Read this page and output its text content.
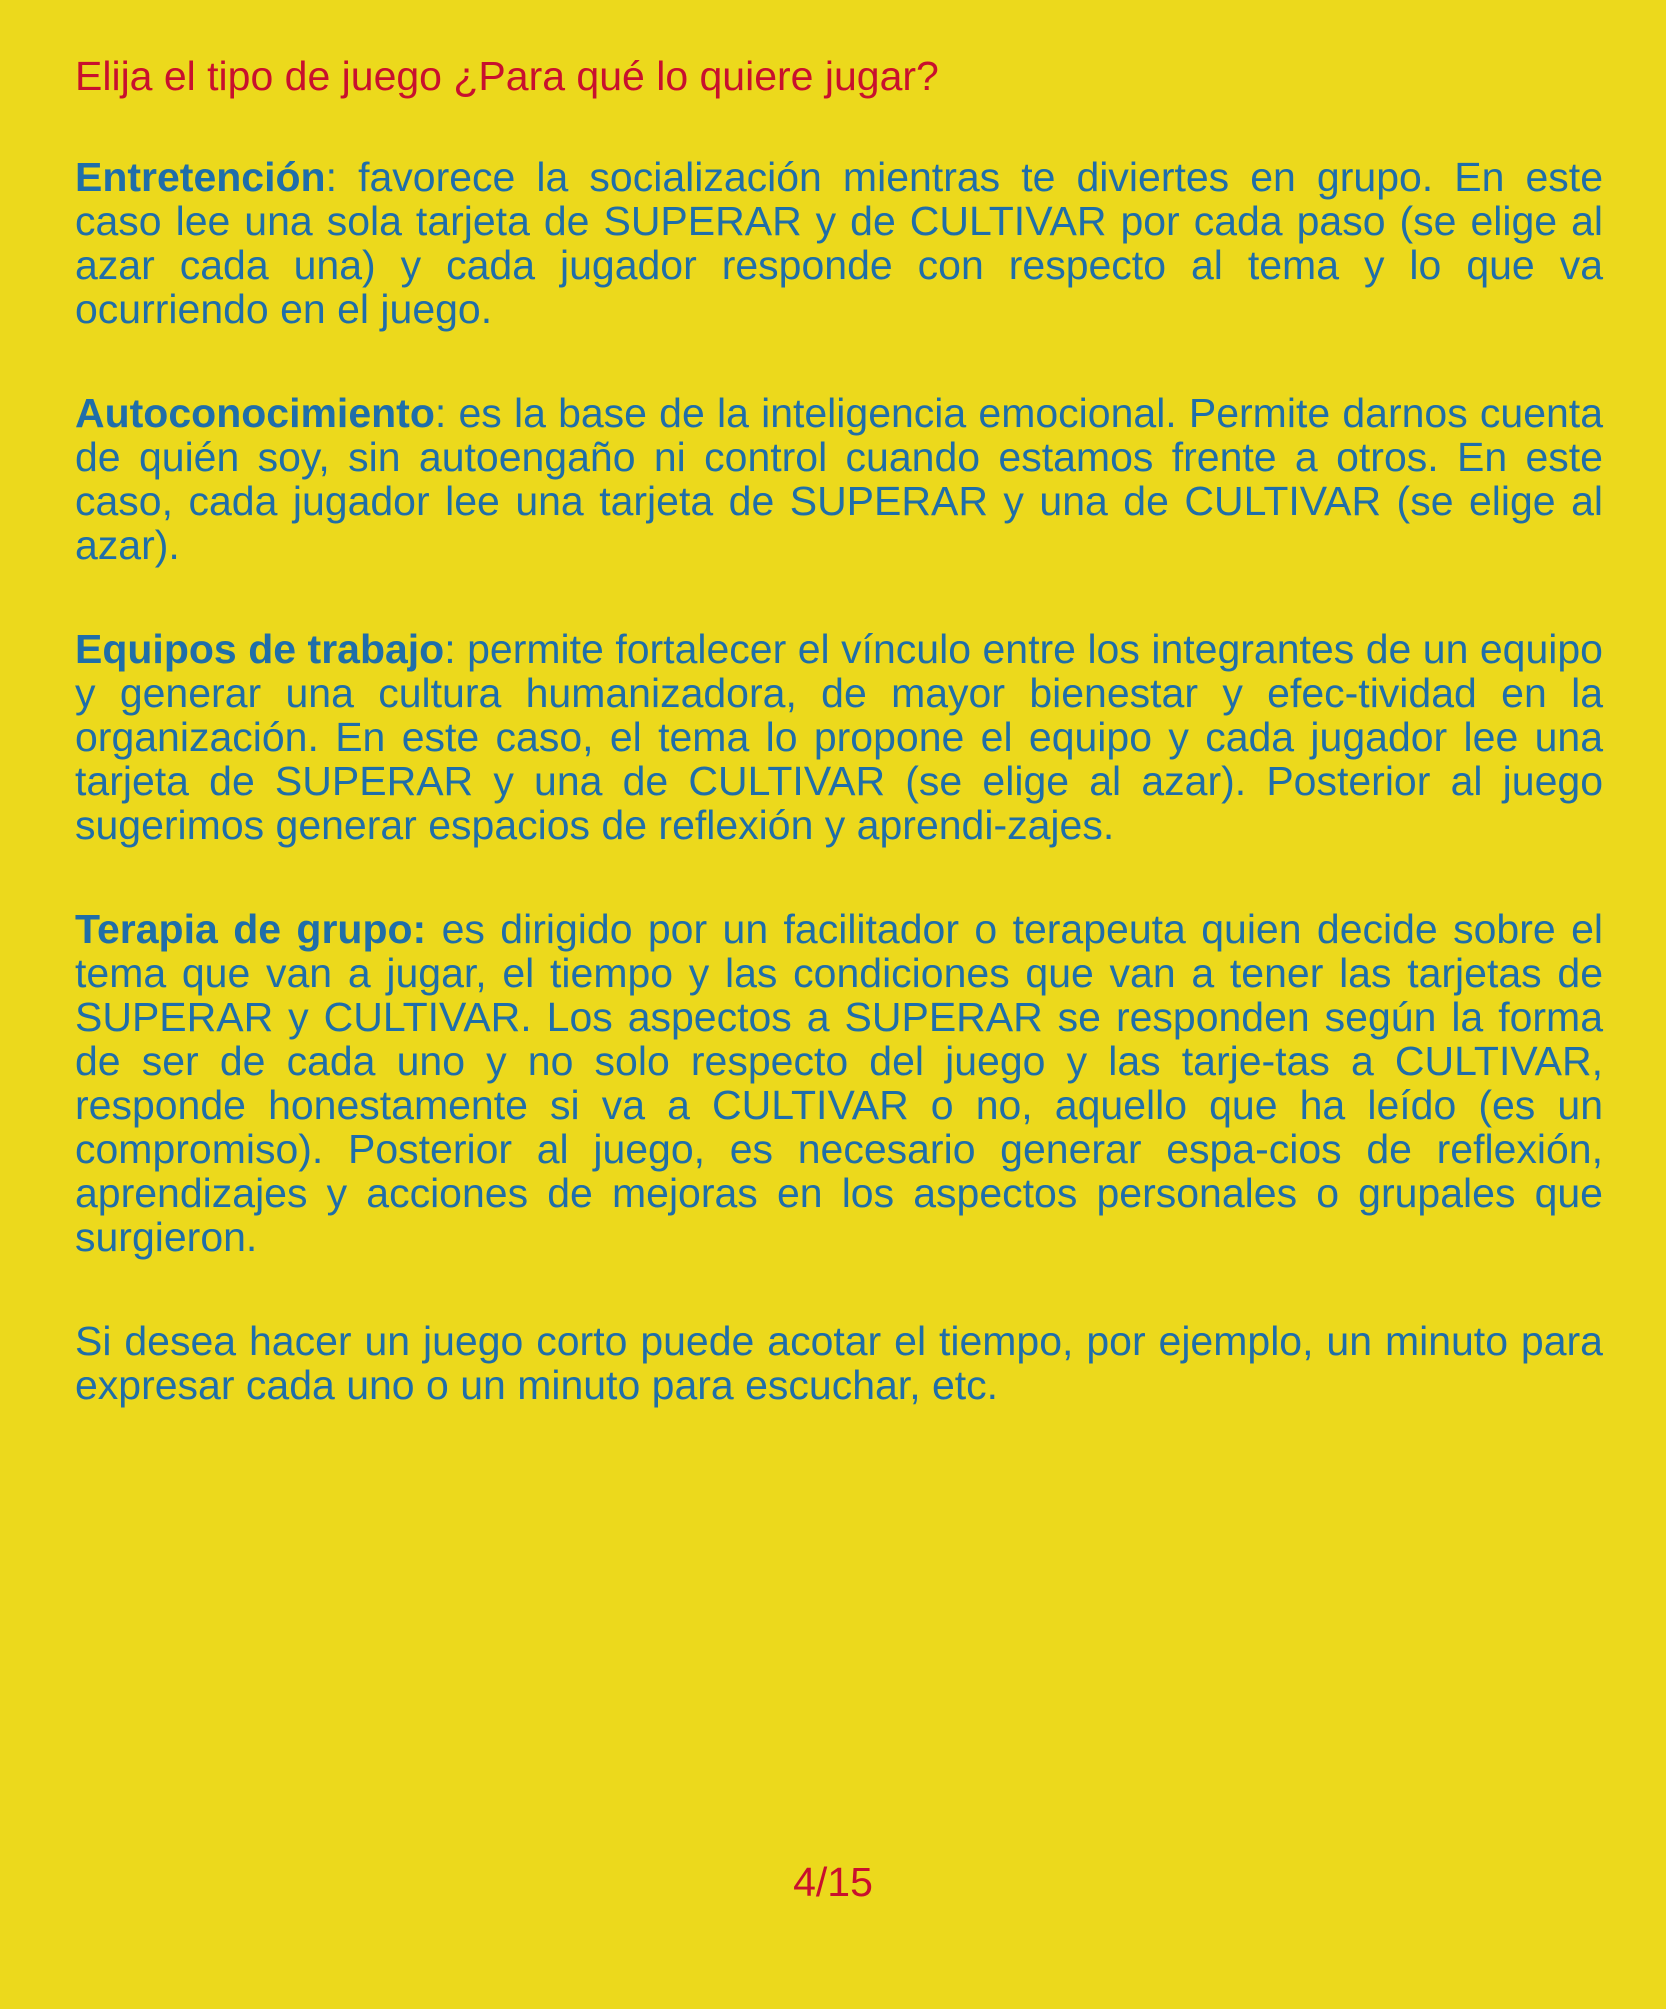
Elija el tipo de juego ¿Para qué lo quiere jugar?

Entretención: favorece la socialización mientras te diviertes en grupo. En este caso lee una sola tarjeta de SUPERAR y de CULTIVAR por cada paso (se elige al azar cada una) y cada jugador responde con respecto al tema y lo que va ocurriendo en el juego.

Autoconocimiento: es la base de la inteligencia emocional. Permite darnos cuenta de quién soy, sin autoengaño ni control cuando estamos frente a otros. En este caso, cada jugador lee una tarjeta de SUPERAR y una de CULTIVAR (se elige al azar).

Equipos de trabajo: permite fortalecer el vínculo entre los integrantes de un equipo y generar una cultura humanizadora, de mayor bienestar y efec-tividad en la organización. En este caso, el tema lo propone el equipo y cada jugador lee una tarjeta de SUPERAR y una de CULTIVAR (se elige al azar). Posterior al juego sugerimos generar espacios de reflexión y aprendi-zajes.

Terapia de grupo: es dirigido por un facilitador o terapeuta quien decide sobre el tema que van a jugar, el tiempo y las condiciones que van a tener las tarjetas de SUPERAR y CULTIVAR. Los aspectos a SUPERAR se responden según la forma de ser de cada uno y no solo respecto del juego y las tarje-tas a CULTIVAR, responde honestamente si va a CULTIVAR o no, aquello que ha leído (es un compromiso). Posterior al juego, es necesario generar espa-cios de reflexión, aprendizajes y acciones de mejoras en los aspectos personales o grupales que surgieron.

Si desea hacer un juego corto puede acotar el tiempo, por ejemplo, un minuto para expresar cada uno o un minuto para escuchar, etc.

4/15
